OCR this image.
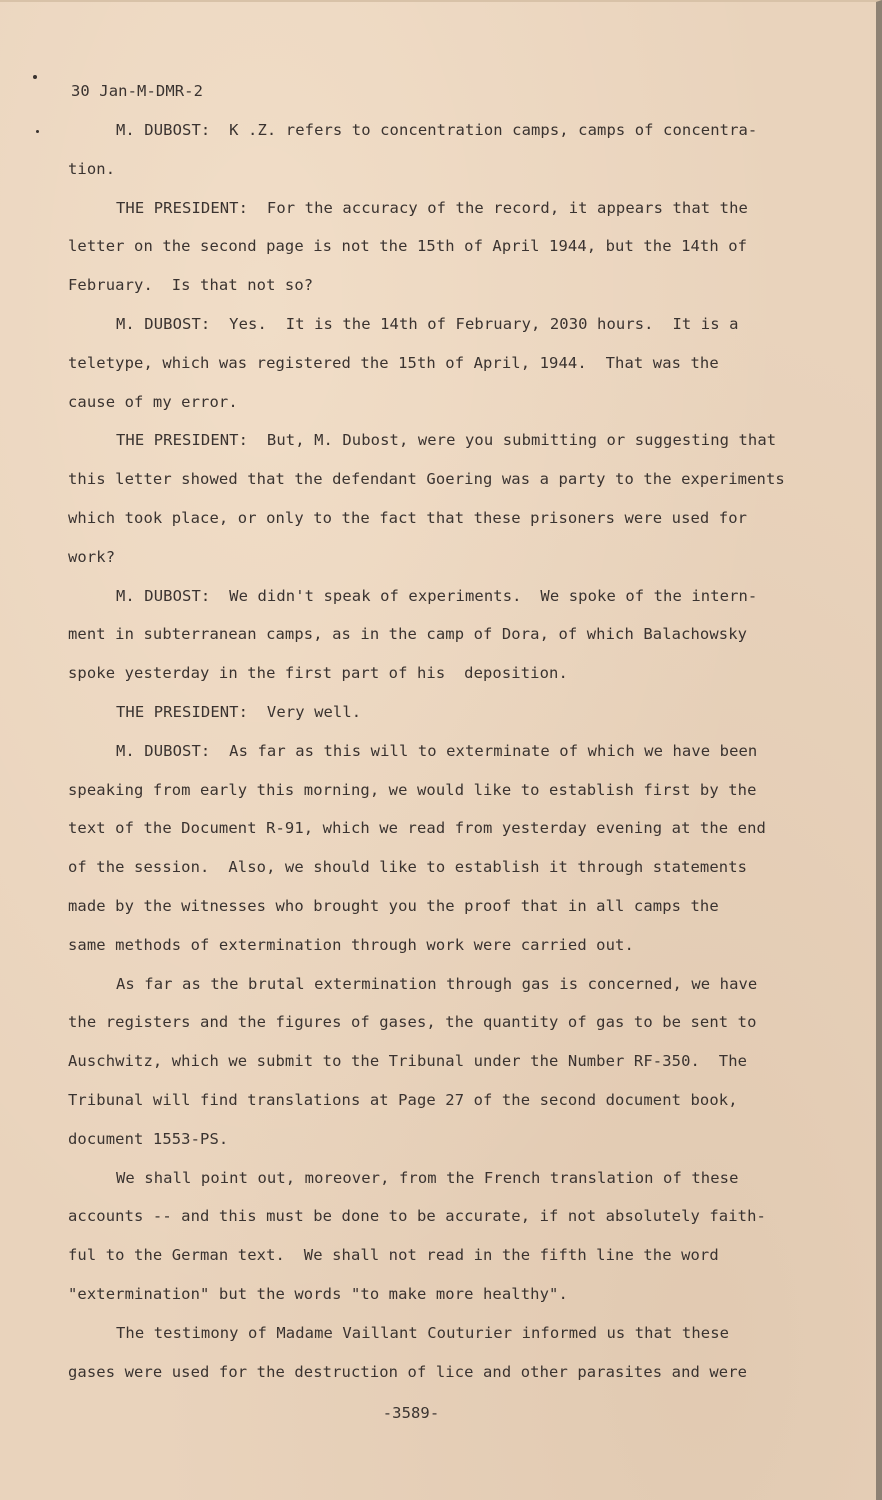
30 Jan-M-DMR-2
M. DUBOST:  K .Z. refers to concentration camps, camps of concentra-
tion.
THE PRESIDENT:  For the accuracy of the record, it appears that the
letter on the second page is not the 15th of April 1944, but the 14th of
February.  Is that not so?
M. DUBOST:  Yes.  It is the 14th of February, 2030 hours.  It is a
teletype, which was registered the 15th of April, 1944.  That was the
cause of my error.
THE PRESIDENT:  But, M. Dubost, were you submitting or suggesting that
this letter showed that the defendant Goering was a party to the experiments
which took place, or only to the fact that these prisoners were used for
work?
M. DUBOST:  We didn't speak of experiments.  We spoke of the intern-
ment in subterranean camps, as in the camp of Dora, of which Balachowsky
spoke yesterday in the first part of his  deposition.
THE PRESIDENT:  Very well.
M. DUBOST:  As far as this will to exterminate of which we have been
speaking from early this morning, we would like to establish first by the
text of the Document R-91, which we read from yesterday evening at the end
of the session.  Also, we should like to establish it through statements
made by the witnesses who brought you the proof that in all camps the
same methods of extermination through work were carried out.
As far as the brutal extermination through gas is concerned, we have
the registers and the figures of gases, the quantity of gas to be sent to
Auschwitz, which we submit to the Tribunal under the Number RF-350.  The
Tribunal will find translations at Page 27 of the second document book,
document 1553-PS.
We shall point out, moreover, from the French translation of these
accounts -- and this must be done to be accurate, if not absolutely faith-
ful to the German text.  We shall not read in the fifth line the word
"extermination" but the words "to make more healthy".
The testimony of Madame Vaillant Couturier informed us that these
gases were used for the destruction of lice and other parasites and were
-3589-
